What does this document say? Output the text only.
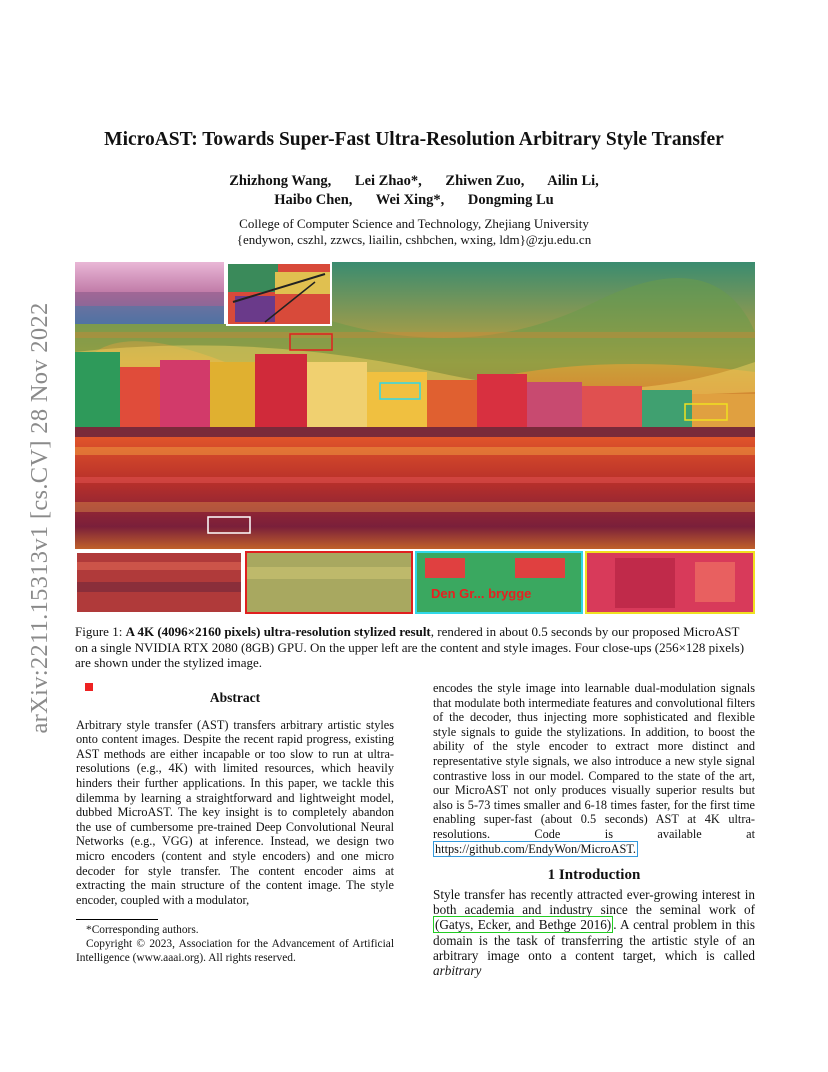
arXiv:2211.15313v1 [cs.CV] 28 Nov 2022
MicroAST: Towards Super-Fast Ultra-Resolution Arbitrary Style Transfer
Zhizhong Wang, Lei Zhao*, Zhiwen Zuo, Ailin Li,
Haibo Chen, Wei Xing*, Dongming Lu
College of Computer Science and Technology, Zhejiang University
{endywon, cszhl, zzwcs, liailin, cshbchen, wxing, ldm}@zju.edu.cn
Den Gr... brygge
Figure 1: A 4K (4096×2160 pixels) ultra-resolution stylized result, rendered in about 0.5 seconds by our proposed MicroAST on a single NVIDIA RTX 2080 (8GB) GPU. On the upper left are the content and style images. Four close-ups (256×128 pixels) are shown under the stylized image.
Abstract
Arbitrary style transfer (AST) transfers arbitrary artistic styles onto content images. Despite the recent rapid progress, existing AST methods are either incapable or too slow to run at ultra-resolutions (e.g., 4K) with limited resources, which heavily hinders their further applications. In this paper, we tackle this dilemma by learning a straightforward and lightweight model, dubbed MicroAST. The key insight is to completely abandon the use of cumbersome pre-trained Deep Convolutional Neural Networks (e.g., VGG) at inference. Instead, we design two micro encoders (content and style encoders) and one micro decoder for style transfer. The content encoder aims at extracting the main structure of the content image. The style encoder, coupled with a modulator,
*Corresponding authors.
Copyright © 2023, Association for the Advancement of Artificial Intelligence (www.aaai.org). All rights reserved.
encodes the style image into learnable dual-modulation signals that modulate both intermediate features and convolutional filters of the decoder, thus injecting more sophisticated and flexible style signals to guide the stylizations. In addition, to boost the ability of the style encoder to extract more distinct and representative style signals, we also introduce a new style signal contrastive loss in our model. Compared to the state of the art, our MicroAST not only produces visually superior results but also is 5-73 times smaller and 6-18 times faster, for the first time enabling super-fast (about 0.5 seconds) AST at 4K ultra-resolutions. Code is available at https://github.com/EndyWon/MicroAST.
1 Introduction
Style transfer has recently attracted ever-growing interest in both academia and industry since the seminal work of (Gatys, Ecker, and Bethge 2016) . A central problem in this domain is the task of transferring the artistic style of an arbitrary image onto a content target, which is called arbitrary
